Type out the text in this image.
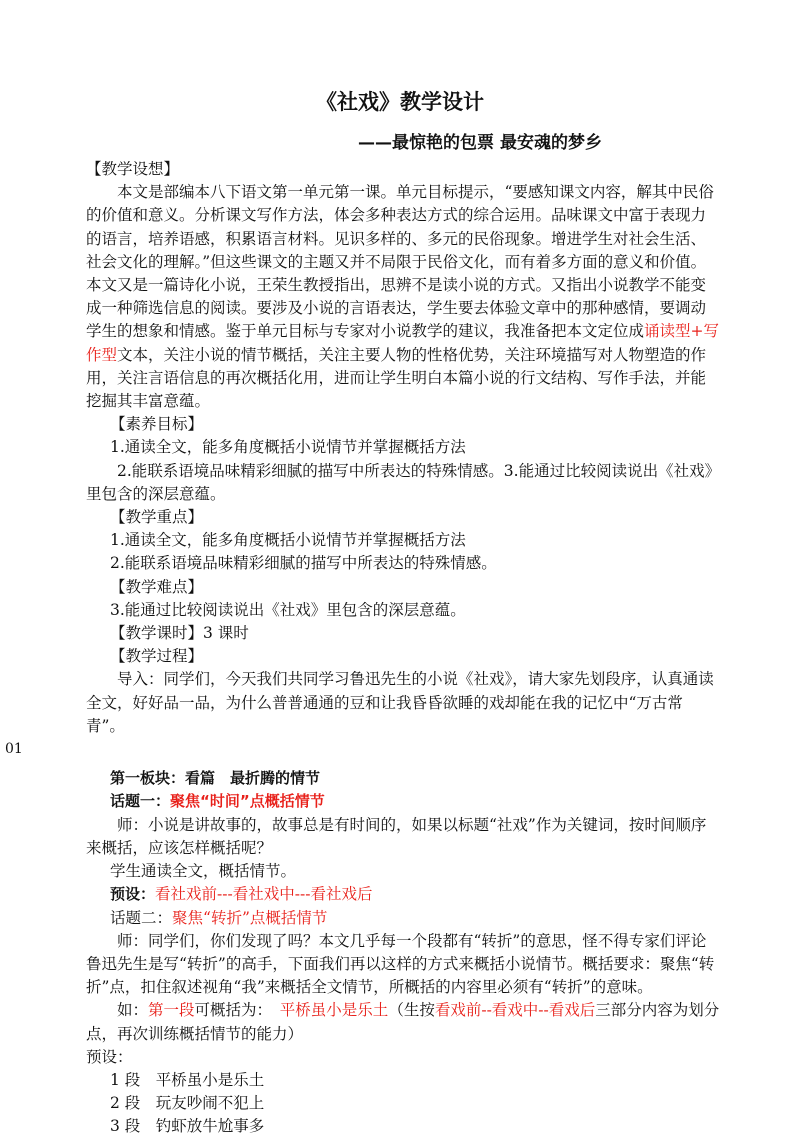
《社戏》教学设计
——最惊艳的包票 最安魂的梦乡

【教学设想】

本文是部编本八下语文第一单元第一课。单元目标提示，“要感知课文内容，解其中民俗的价值和意义。分析课文写作方法，体会多种表达方式的综合运用。品味课文中富于表现力的语言，培养语感，积累语言材料。见识多样的、多元的民俗现象。增进学生对社会生活、社会文化的理解。”但这些课文的主题又并不局限于民俗文化，而有着多方面的意义和价值。本文又是一篇诗化小说，王荣生教授指出，思辨不是读小说的方式。又指出小说教学不能变成一种筛选信息的阅读。要涉及小说的言语表达，学生要去体验文章中的那种感情，要调动学生的想象和情感。鉴于单元目标与专家对小说教学的建议，我准备把本文定位成诵读型+写作型文本，关注小说的情节概括，关注主要人物的性格优势，关注环境描写对人物塑造的作用，关注言语信息的再次概括化用，进而让学生明白本篇小说的行文结构、写作手法，并能挖掘其丰富意蕴。

【素养目标】

1.通读全文，能多角度概括小说情节并掌握概括方法

2.能联系语境品味精彩细腻的描写中所表达的特殊情感。3.能通过比较阅读说出《社戏》里包含的深层意蕴。

【教学重点】

1.通读全文，能多角度概括小说情节并掌握概括方法

2.能联系语境品味精彩细腻的描写中所表达的特殊情感。

【教学难点】

3.能通过比较阅读说出《社戏》里包含的深层意蕴。

【教学课时】3 课时

【教学过程】

导入：同学们，今天我们共同学习鲁迅先生的小说《社戏》，请大家先划段序，认真通读全文，好好品一品，为什么普普通通的豆和让我昏昏欲睡的戏却能在我的记忆中“万古常青”。

01

第一板块：看篇　最折腾的情节

话题一：聚焦“时间”点概括情节

师：小说是讲故事的，故事总是有时间的，如果以标题“社戏”作为关键词，按时间顺序来概括，应该怎样概括呢？

学生通读全文，概括情节。

预设：看社戏前---看社戏中---看社戏后

话题二：聚焦“转折”点概括情节

师：同学们，你们发现了吗？本文几乎每一个段都有“转折”的意思，怪不得专家们评论鲁迅先生是写“转折”的高手，下面我们再以这样的方式来概括小说情节。概括要求：聚焦“转折”点，扣住叙述视角“我”来概括全文情节，所概括的内容里必须有“转折”的意味。

如：第一段可概括为：　平桥虽小是乐土（生按看戏前--看戏中--看戏后三部分内容为划分点，再次训练概括情节的能力）

预设：

1 段　平桥虽小是乐土

2 段　玩友吵闹不犯上

3 段　钓虾放牛尬事多
